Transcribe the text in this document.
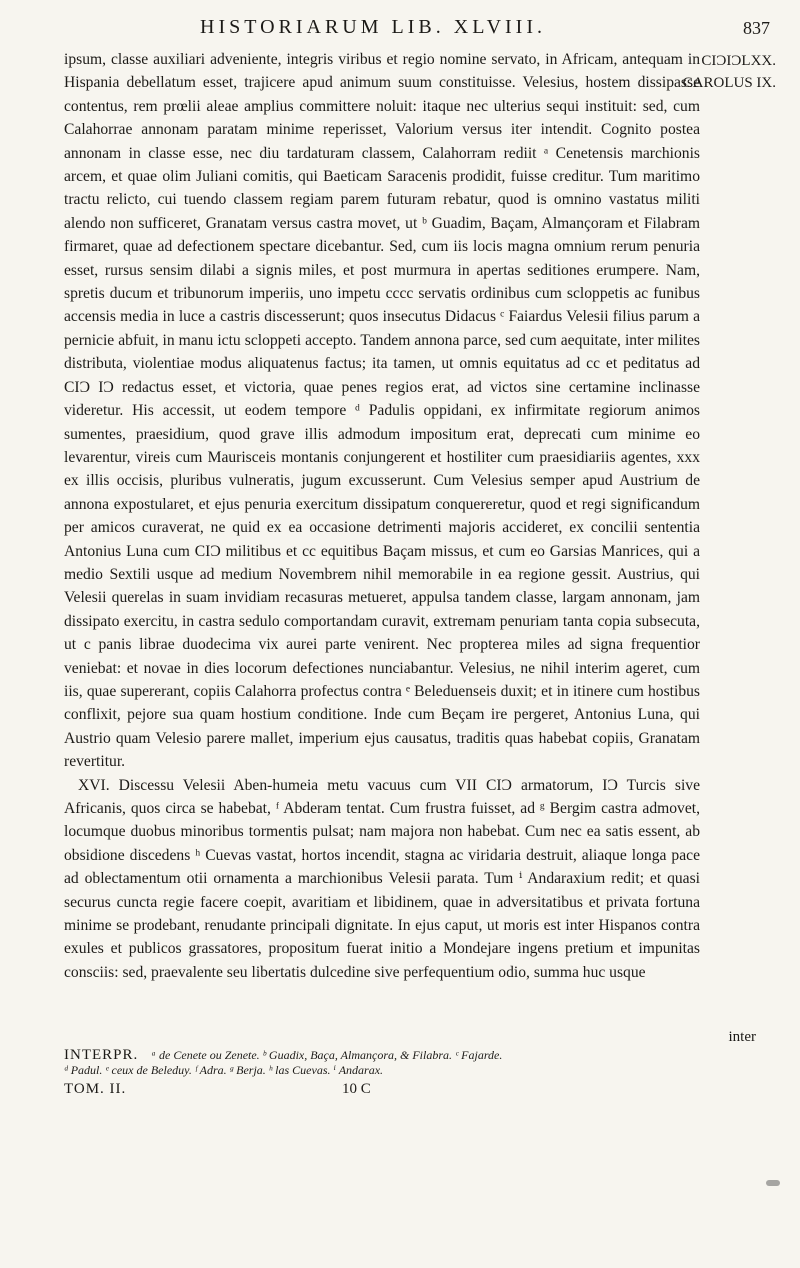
HISTORIARUM LIB. XLVIII.	837
CIƆIƆLXX.
CAROLUS IX.

ipsum, classe auxiliari adveniente, integris viribus et regio nomine servato, in Africam, antequam in Hispania debellatum esset, trajicere apud animum suum constituisse. Velesius, hostem dissipasse contentus, rem prœlii aleae amplius committere noluit: itaque nec ulterius sequi instituit: sed, cum Calahorrae annonam paratam minime reperisset, Valorium versus iter intendit. Cognito postea annonam in classe esse, nec diu tardaturam classem, Calahorram rediit ᵃ Cenetensis marchionis arcem, et quae olim Juliani comitis, qui Baeticam Saracenis prodidit, fuisse creditur. Tum maritimo tractu relicto, cui tuendo classem regiam parem futuram rebatur, quod is omnino vastatus militi alendo non sufficeret, Granatam versus castra movet, ut ᵇ Guadim, Baçam, Almançoram et Filabram firmaret, quae ad defectionem spectare dicebantur. Sed, cum iis locis magna omnium rerum penuria esset, rursus sensim dilabi a signis miles, et post murmura in apertas seditiones erumpere. Nam, spretis ducum et tribunorum imperiis, uno impetu cccc servatis ordinibus cum scloppetis ac funibus accensis media in luce a castris discesserunt; quos insecutus Didacus ᶜ Faiardus Velesii filius parum a pernicie abfuit, in manu ictu scloppeti accepto. Tandem annona parce, sed cum aequitate, inter milites distributa, violentiae modus aliquatenus factus; ita tamen, ut omnis equitatus ad cc et peditatus ad CIƆ IƆ redactus esset, et victoria, quae penes regios erat, ad victos sine certamine inclinasse videretur. His accessit, ut eodem tempore ᵈ Padulis oppidani, ex infirmitate regiorum animos sumentes, praesidium, quod grave illis admodum impositum erat, deprecati cum minime eo levarentur, vireis cum Maurisceis montanis conjungerent et hostiliter cum praesidiariis agentes, xxx ex illis occisis, pluribus vulneratis, jugum excusserunt. Cum Velesius semper apud Austrium de annona expostularet, et ejus penuria exercitum dissipatum conquereretur, quod et regi significandum per amicos curaverat, ne quid ex ea occasione detrimenti majoris accideret, ex concilii sententia Antonius Luna cum CIƆ militibus et cc equitibus Baçam missus, et cum eo Garsias Manrices, qui a medio Sextili usque ad medium Novembrem nihil memorabile in ea regione gessit. Austrius, qui Velesii querelas in suam invidiam recasuras metueret, appulsa tandem classe, largam annonam, jam dissipato exercitu, in castra sedulo comportandam curavit, extremam penuriam tanta copia subsecuta, ut c panis librae duodecima vix aurei parte venirent. Nec propterea miles ad signa frequentior veniebat: et novae in dies locorum defectiones nunciabantur. Velesius, ne nihil interim ageret, cum iis, quae supererant, copiis Calahorra profectus contra ᵉ Beleduenseis duxit; et in itinere cum hostibus conflixit, pejore sua quam hostium conditione. Inde cum Beçam ire pergeret, Antonius Luna, qui Austrio quam Velesio parere mallet, imperium ejus causatus, traditis quas habebat copiis, Granatam revertitur.

XVI. Discessu Velesii Aben-humeia metu vacuus cum VII CIƆ armatorum, IƆ Turcis sive Africanis, quos circa se habebat, ᶠ Abderam tentat. Cum frustra fuisset, ad ᵍ Bergim castra admovet, locumque duobus minoribus tormentis pulsat; nam majora non habebat. Cum nec ea satis essent, ab obsidione discedens ʰ Cuevas vastat, hortos incendit, stagna ac viridaria destruit, aliaque longa pace ad oblectamentum otii ornamenta a marchionibus Velesii parata. Tum ⁱ Andaraxium redit; et quasi securus cuncta regie facere coepit, avaritiam et libidinem, quae in adversitatibus et privata fortuna minime se prodebant, renudante principali dignitate. In ejus caput, ut moris est inter Hispanos contra exules et publicos grassatores, propositum fuerat initio a Mondejare ingens pretium et impunitas consciis: sed, praevalente seu libertatis dulcedine sive perfequentium odio, summa huc usque

inter
INTERPR. ᵃ de Cenete ou Zenete. ᵇ Guadix, Baça, Almançora, & Filabra. ᶜ Fajarde.
ᵈ Padul. ᵉ ceux de Beleduy. ᶠ Adra. ᵍ Berja. ʰ las Cuevas. ⁱ Andarax.
TOM. II.	10 C
